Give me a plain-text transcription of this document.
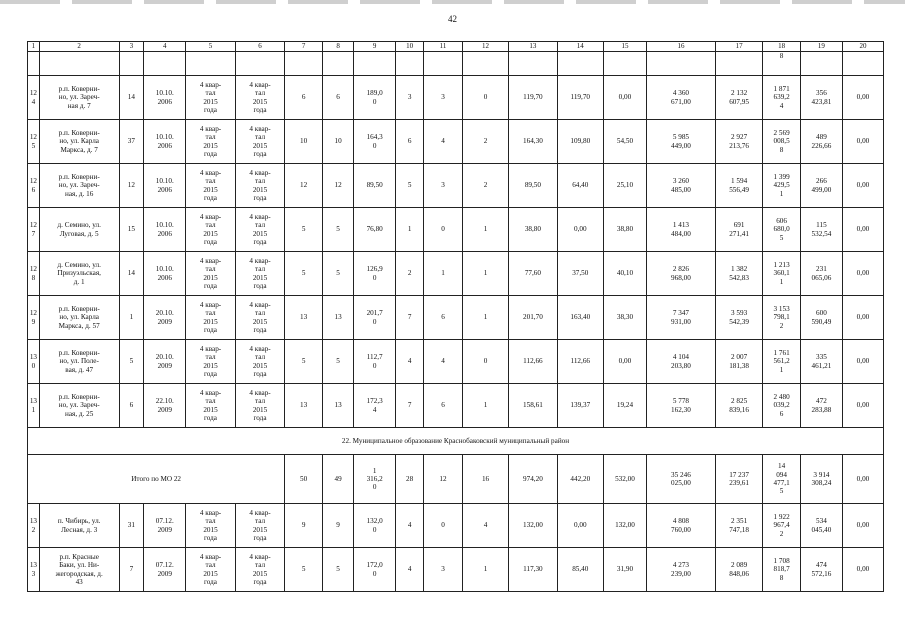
42
1	2	3	4	5	6	7	8	9	10	11	12	13	14	15	16	17	18	19	20
																	8		
12
4	р.п. Коверни-
но, ул. Зареч-
ная д. 7	14	10.10.
2006	4 квар-
тал
2015
года	4 квар-
тал
2015
года	6	6	189,0
0	3	3	0	119,70	119,70	0,00	4 360
671,00	2 132
607,95	1 871
639,2
4	356
423,81	0,00
12
5	р.п. Коверни-
но, ул. Карла
Маркса, д. 7	37	10.10.
2006	4 квар-
тал
2015
года	4 квар-
тал
2015
года	10	10	164,3
0	6	4	2	164,30	109,80	54,50	5 985
449,00	2 927
213,76	2 569
008,5
8	489
226,66	0,00
12
6	р.п. Коверни-
но, ул. Зареч-
ная, д. 16	12	10.10.
2006	4 квар-
тал
2015
года	4 квар-
тал
2015
года	12	12	89,50	5	3	2	89,50	64,40	25,10	3 260
485,00	1 594
556,49	1 399
429,5
1	266
499,00	0,00
12
7	д. Семино, ул.
Луговая, д. 5	15	10.10.
2006	4 квар-
тал
2015
года	4 квар-
тал
2015
года	5	5	76,80	1	0	1	38,80	0,00	38,80	1 413
484,00	691
271,41	606
680,0
5	115
532,54	0,00
12
8	д. Семино, ул.
Призуэльская,
д. 1	14	10.10.
2006	4 квар-
тал
2015
года	4 квар-
тал
2015
года	5	5	126,9
0	2	1	1	77,60	37,50	40,10	2 826
968,00	1 382
542,83	1 213
360,1
1	231
065,06	0,00
12
9	р.п. Коверни-
но, ул. Карла
Маркса, д. 57	1	20.10.
2009	4 квар-
тал
2015
года	4 квар-
тал
2015
года	13	13	201,7
0	7	6	1	201,70	163,40	38,30	7 347
931,00	3 593
542,39	3 153
798,1
2	600
590,49	0,00
13
0	р.п. Коверни-
но, ул. Поле-
вая, д. 47	5	20.10.
2009	4 квар-
тал
2015
года	4 квар-
тал
2015
года	5	5	112,7
0	4	4	0	112,66	112,66	0,00	4 104
203,80	2 007
181,38	1 761
561,2
1	335
461,21	0,00
13
1	р.п. Коверни-
но, ул. Зареч-
ная, д. 25	6	22.10.
2009	4 квар-
тал
2015
года	4 квар-
тал
2015
года	13	13	172,3
4	7	6	1	158,61	139,37	19,24	5 778
162,30	2 825
839,16	2 480
039,2
6	472
283,88	0,00
22. Муниципальное образование Краснобаковский муниципальный район																			
Итого по МО 22						50	49	1
316,2
0	28	12	16	974,20	442,20	532,00	35 246
025,00	17 237
239,61	14
094
477,1
5	3 914
308,24	0,00
13
2	п. Чибирь, ул.
Лесная, д. 3	31	07.12.
2009	4 квар-
тал
2015
года	4 квар-
тал
2015
года	9	9	132,0
0	4	0	4	132,00	0,00	132,00	4 808
760,00	2 351
747,18	1 922
967,4
2	534
045,40	0,00
13
3	р.п. Красные
Баки, ул. Ни-
жегородская, д.
43	7	07.12.
2009	4 квар-
тал
2015
года	4 квар-
тал
2015
года	5	5	172,0
0	4	3	1	117,30	85,40	31,90	4 273
239,00	2 089
848,06	1 708
818,7
8	474
572,16	0,00
